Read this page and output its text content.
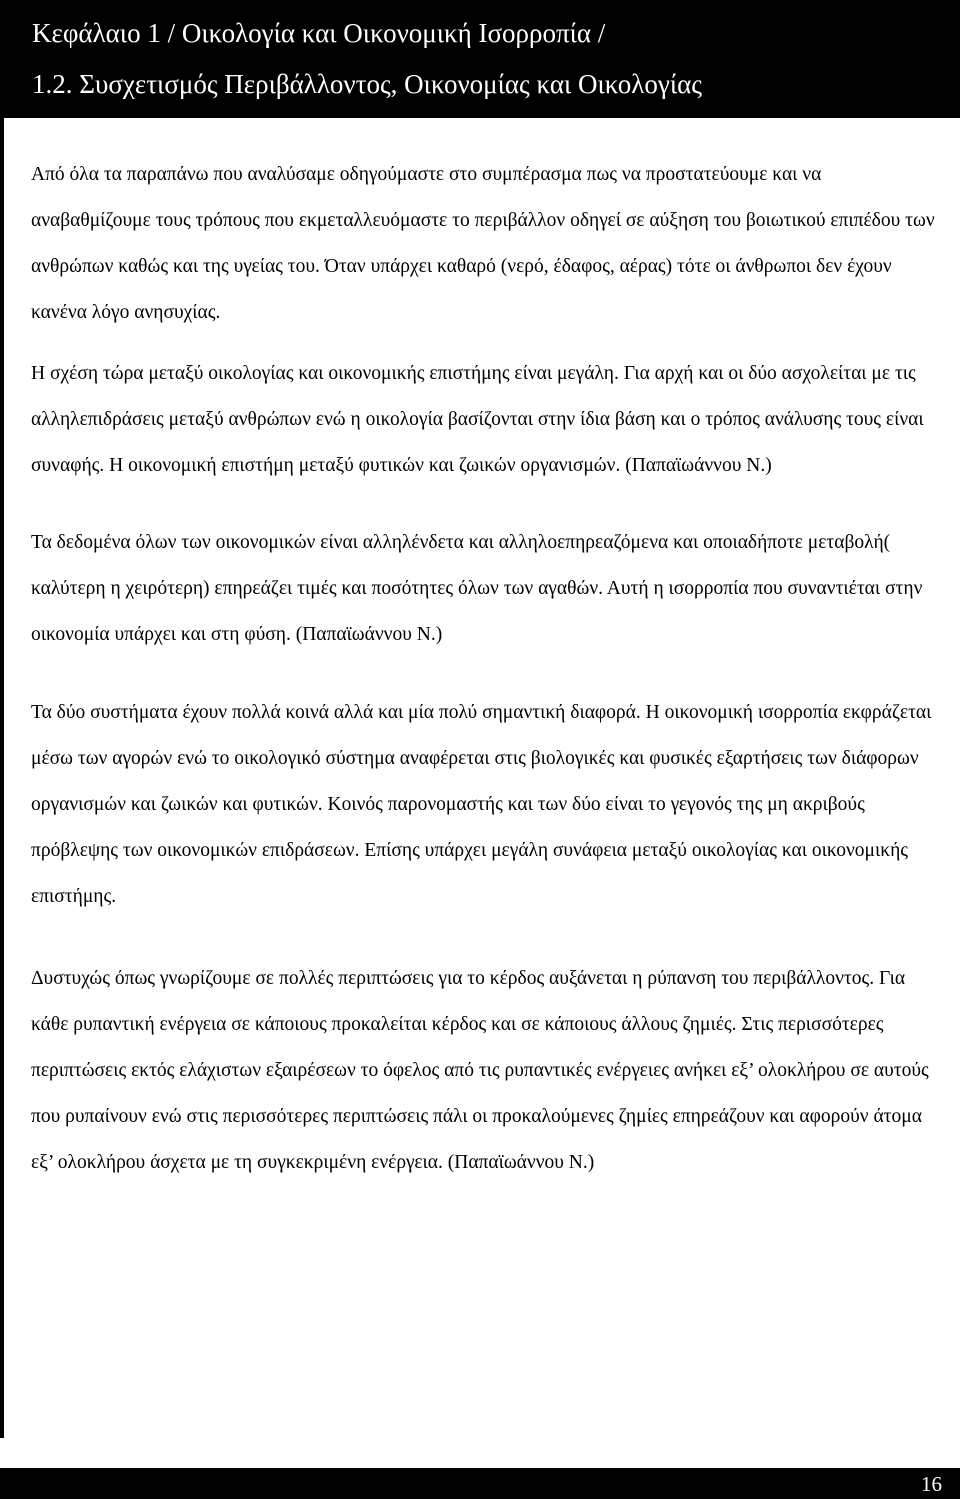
Κεφάλαιο 1 / Οικολογία και Οικονομική Ισορροπία /
1.2. Συσχετισμός Περιβάλλοντος, Οικονομίας και Οικολογίας

Από όλα τα παραπάνω που αναλύσαμε οδηγούμαστε στο συμπέρασμα πως να προστατεύουμε και να αναβαθμίζουμε τους τρόπους που εκμεταλλευόμαστε το περιβάλλον οδηγεί σε αύξηση του βοιωτικού επιπέδου των ανθρώπων καθώς και της υγείας του. Όταν υπάρχει καθαρό (νερό, έδαφος, αέρας) τότε οι άνθρωποι δεν έχουν κανένα λόγο ανησυχίας.

Η σχέση τώρα μεταξύ οικολογίας και οικονομικής επιστήμης είναι μεγάλη. Για αρχή και οι δύο ασχολείται με τις αλληλεπιδράσεις μεταξύ ανθρώπων ενώ η οικολογία βασίζονται στην ίδια βάση και ο τρόπος ανάλυσης τους είναι συναφής. Η οικονομική επιστήμη μεταξύ φυτικών και ζωικών οργανισμών. (Παπαϊωάννου Ν.)

Τα δεδομένα όλων των οικονομικών είναι αλληλένδετα και αλληλοεπηρεαζόμενα και οποιαδήποτε μεταβολή( καλύτερη η χειρότερη) επηρεάζει τιμές και ποσότητες όλων των αγαθών. Αυτή η ισορροπία που συναντιέται στην οικονομία υπάρχει και στη φύση. (Παπαϊωάννου Ν.)

Τα δύο συστήματα έχουν πολλά κοινά αλλά και μία πολύ σημαντική διαφορά. Η οικονομική ισορροπία εκφράζεται μέσω των αγορών ενώ το οικολογικό σύστημα αναφέρεται στις βιολογικές και φυσικές εξαρτήσεις των διάφορων οργανισμών και ζωικών και φυτικών. Κοινός παρονομαστής και των δύο είναι το γεγονός της μη ακριβούς πρόβλεψης των οικονομικών επιδράσεων. Επίσης υπάρχει μεγάλη συνάφεια μεταξύ οικολογίας και οικονομικής επιστήμης.

Δυστυχώς όπως γνωρίζουμε σε πολλές περιπτώσεις για το κέρδος αυξάνεται η ρύπανση του περιβάλλοντος. Για κάθε ρυπαντική ενέργεια σε κάποιους προκαλείται κέρδος και σε κάποιους άλλους ζημιές. Στις περισσότερες περιπτώσεις εκτός ελάχιστων εξαιρέσεων το όφελος από τις ρυπαντικές ενέργειες ανήκει εξ’ ολοκλήρου σε αυτούς που ρυπαίνουν ενώ στις περισσότερες περιπτώσεις πάλι οι προκαλούμενες ζημίες επηρεάζουν και αφορούν άτομα εξ’ ολοκλήρου άσχετα με τη συγκεκριμένη ενέργεια. (Παπαϊωάννου Ν.)

16
